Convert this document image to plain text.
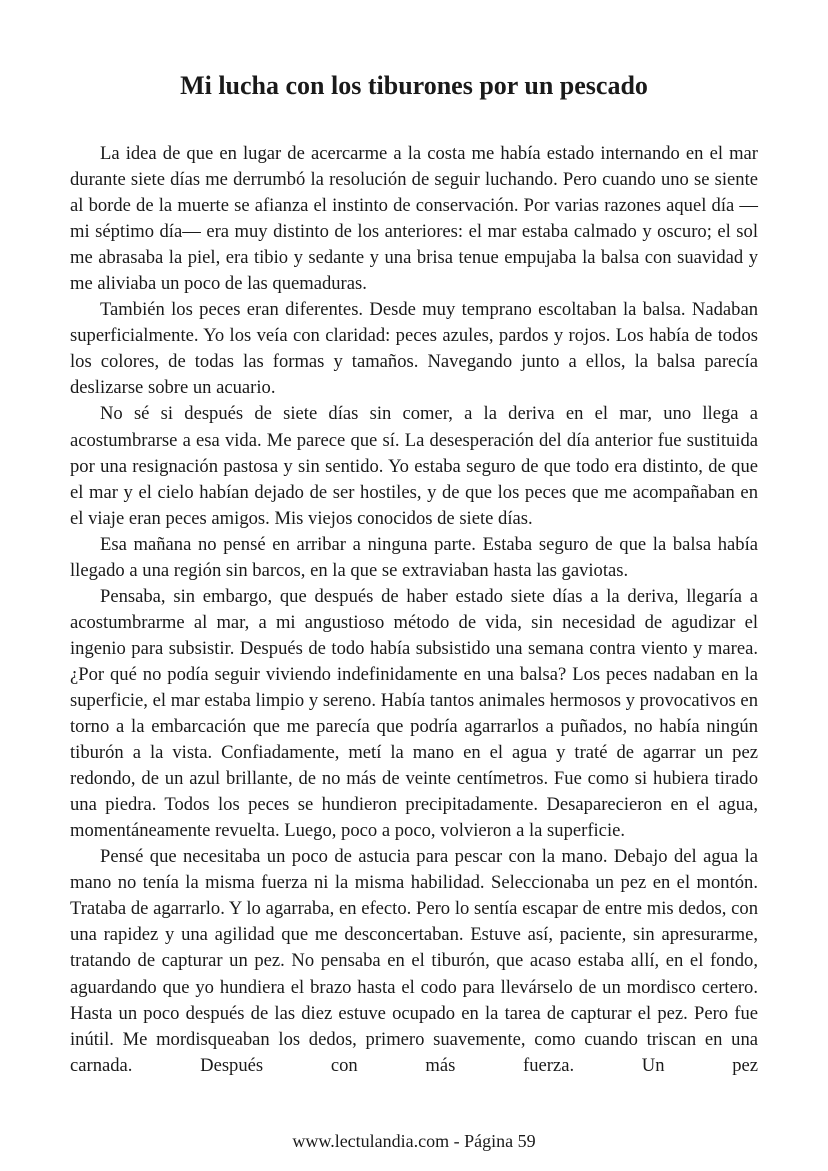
Mi lucha con los tiburones por un pescado

La idea de que en lugar de acercarme a la costa me había estado internando en el mar durante siete días me derrumbó la resolución de seguir luchando. Pero cuando uno se siente al borde de la muerte se afianza el instinto de conservación. Por varias razones aquel día —mi séptimo día— era muy distinto de los anteriores: el mar estaba calmado y oscuro; el sol me abrasaba la piel, era tibio y sedante y una brisa tenue empujaba la balsa con suavidad y me aliviaba un poco de las quemaduras.

También los peces eran diferentes. Desde muy temprano escoltaban la balsa. Nadaban superficialmente. Yo los veía con claridad: peces azules, pardos y rojos. Los había de todos los colores, de todas las formas y tamaños. Navegando junto a ellos, la balsa parecía deslizarse sobre un acuario.

No sé si después de siete días sin comer, a la deriva en el mar, uno llega a acostumbrarse a esa vida. Me parece que sí. La desesperación del día anterior fue sustituida por una resignación pastosa y sin sentido. Yo estaba seguro de que todo era distinto, de que el mar y el cielo habían dejado de ser hostiles, y de que los peces que me acompañaban en el viaje eran peces amigos. Mis viejos conocidos de siete días.

Esa mañana no pensé en arribar a ninguna parte. Estaba seguro de que la balsa había llegado a una región sin barcos, en la que se extraviaban hasta las gaviotas.

Pensaba, sin embargo, que después de haber estado siete días a la deriva, llegaría a acostumbrarme al mar, a mi angustioso método de vida, sin necesidad de agudizar el ingenio para subsistir. Después de todo había subsistido una semana contra viento y marea. ¿Por qué no podía seguir viviendo indefinidamente en una balsa? Los peces nadaban en la superficie, el mar estaba limpio y sereno. Había tantos animales hermosos y provocativos en torno a la embarcación que me parecía que podría agarrarlos a puñados, no había ningún tiburón a la vista. Confiadamente, metí la mano en el agua y traté de agarrar un pez redondo, de un azul brillante, de no más de veinte centímetros. Fue como si hubiera tirado una piedra. Todos los peces se hundieron precipitadamente. Desaparecieron en el agua, momentáneamente revuelta. Luego, poco a poco, volvieron a la superficie.

Pensé que necesitaba un poco de astucia para pescar con la mano. Debajo del agua la mano no tenía la misma fuerza ni la misma habilidad. Seleccionaba un pez en el montón. Trataba de agarrarlo. Y lo agarraba, en efecto. Pero lo sentía escapar de entre mis dedos, con una rapidez y una agilidad que me desconcertaban. Estuve así, paciente, sin apresurarme, tratando de capturar un pez. No pensaba en el tiburón, que acaso estaba allí, en el fondo, aguardando que yo hundiera el brazo hasta el codo para llevárselo de un mordisco certero. Hasta un poco después de las diez estuve ocupado en la tarea de capturar el pez. Pero fue inútil. Me mordisqueaban los dedos, primero suavemente, como cuando triscan en una carnada. Después con más fuerza. Un pez

www.lectulandia.com - Página 59
